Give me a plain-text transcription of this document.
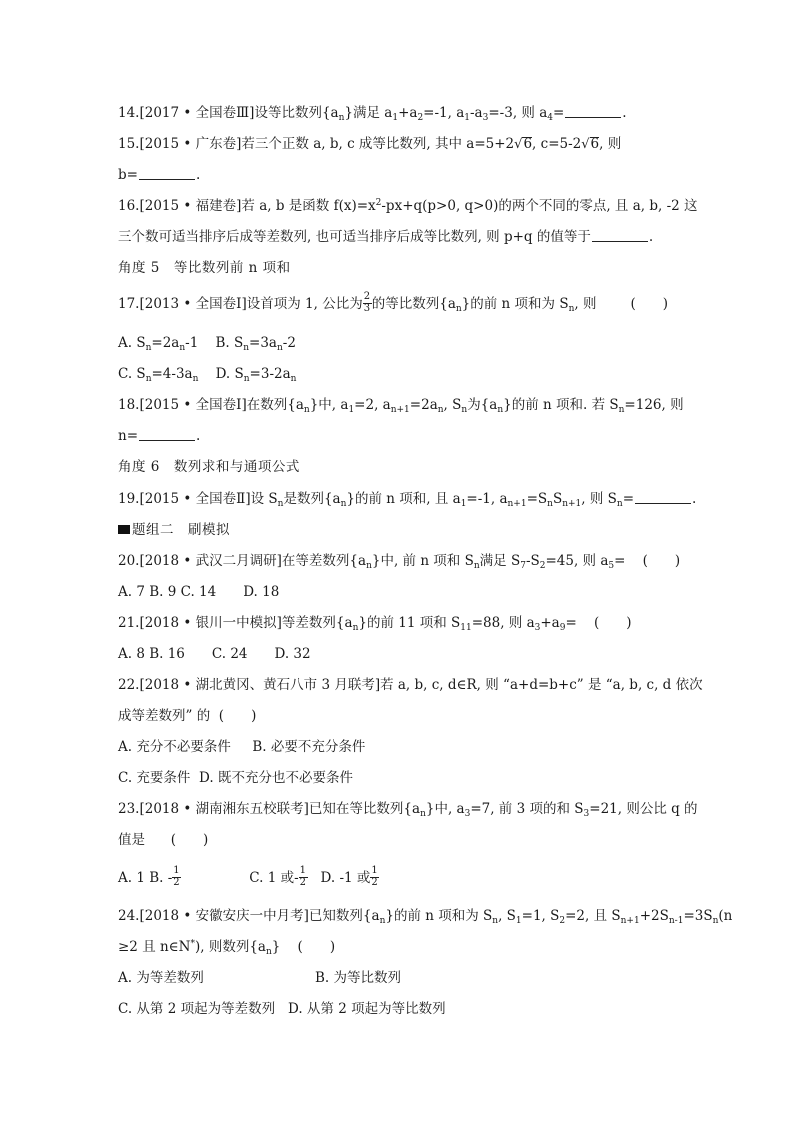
14.[2017 • 全国卷Ⅲ]设等比数列$\{a_n\}$满足 $a_1+a_2=-1$, $a_1-a_3=-3$, 则 $a_4=$	.
15.[2015 • 广东卷]若三个正数 a, b, c 成等比数列, 其中 a=5+2√6, c=5-2√6, 则
b=	.
16.[2015 • 福建卷]若 a, b 是函数 $f(x)=x^2-px+q(p>0$, q>0)的两个不同的零点, 且 a, b, -2 这
三个数可适当排序后成等差数列, 也可适当排序后成等比数列, 则 p+q 的值等于	.
角度 5　等比数列前 n 项和
17.[2013 • 全国卷Ⅰ]设首项为 1, 公比为 $\frac{2}{3}$ 的等比数列$\{a_n\}$的前 n 项和为 $S_n$, 则	(　　)
A. $S_n=2a_n-1$ B. $S_n=3a_n-2$
C. $S_n=4-3a_n$ D. $S_n=3-2a_n$
18.[2015 • 全国卷Ⅰ]在数列$\{a_n\}$中, $a_1=2$, $a_{n+1}=2a_n$, $S_n$为$\{a_n\}$的前 n 项和. 若 $S_n=126$, 则
n=	.
角度 6　数列求和与通项公式
19.[2015 • 全国卷Ⅱ]设 $S_n$是数列$\{a_n\}$的前 n 项和, 且 $a_1=-1$, $a_{n+1}=S_nS_{n+1}$, 则 $S_n=$	.
题组二　刷模拟
20.[2018 • 武汉二月调研]在等差数列$\{a_n\}$中, 前 n 项和 $S_n$满足 $S_7-S_2=45$, 则 $a_5=$ (　　)
A. 7 B. 9 C. 14　　D. 18
21.[2018 • 银川一中模拟]等差数列$\{a_n\}$的前 11 项和 $S_{11}=88$, 则 $a_3+a_9=$ (　　)
A. 8 B. 16　　C. 24　　D. 32
22.[2018 • 湖北黄冈、黄石八市 3 月联考]若 a, b, c, d∈R, 则 “a+d=b+c” 是 “a, b, c, d 依次
成等差数列” 的 (　　)
A. 充分不必要条件 B. 必要不充分条件
C. 充要条件 D. 既不充分也不必要条件
23.[2018 • 湖南湘东五校联考]已知在等比数列$\{a_n\}$中, $a_3=7$, 前 3 项的和 $S_3=21$, 则公比 q 的
值是 (　　)
A. 1 B. - $\frac{1}{2}$	C. 1 或- $\frac{1}{2} D$. -1 或 $\frac{1}{2}$
24.[2018 • 安徽安庆一中月考]已知数列$\{a_n\}$的前 n 项和为 $S_n$, $S_1=1$, $S_2=2$, 且 $S_{n+1}+2S_{n-1}=3S_n(n$
≥2 且 n∈N*), 则数列$\{a_n\}$ (　　)
A. 为等差数列	B. 为等比数列
C. 从第 2 项起为等差数列 D. 从第 2 项起为等比数列
